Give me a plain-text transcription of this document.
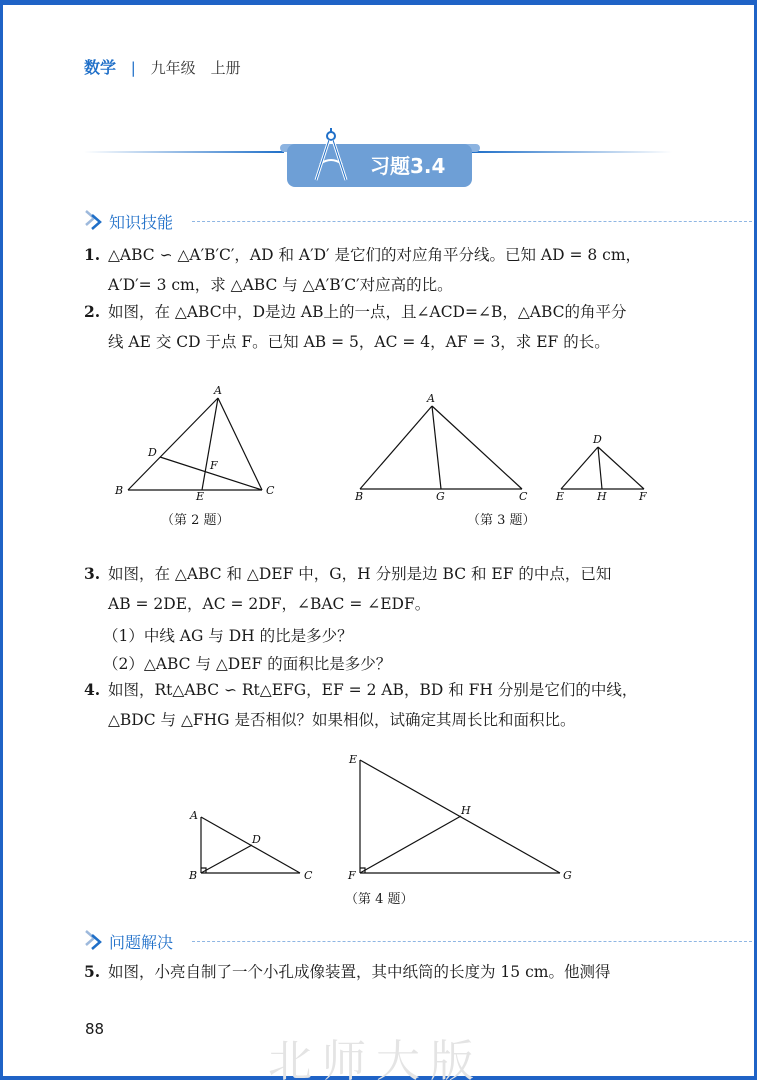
数学 | 九年级　上册
习题3.4
知识技能
1. △ABC ∽ △A′B′C′，AD 和 A′D′ 是它们的对应角平分线。已知 AD = 8 cm，
A′D′= 3 cm，求 △ABC 与 △A′B′C′对应高的比。
2. 如图，在 △ABC中，D是边 AB上的一点，且∠ACD=∠B，△ABC的角平分
线 AE 交 CD 于点 F。已知 AB = 5，AC = 4，AF = 3，求 EF 的长。
A
B	C
D
E
F
（第 2 题）
A
B	C
G
D
E	F
H
（第 3 题）
3. 如图，在 △ABC 和 △DEF 中，G，H 分别是边 BC 和 EF 的中点，已知
AB = 2DE，AC = 2DF，∠BAC = ∠EDF。
（1）中线 AG 与 DH 的比是多少？
（2）△ABC 与 △DEF 的面积比是多少？
4. 如图，Rt△ABC ∽ Rt△EFG，EF = 2 AB，BD 和 FH 分别是它们的中线，
△BDC 与 △FHG 是否相似？如果相似，试确定其周长比和面积比。
A
B	C
D
E
F	G
H
（第 4 题）
问题解决
5. 如图，小亮自制了一个小孔成像装置，其中纸筒的长度为 15 cm。他测得
88
北师大版
